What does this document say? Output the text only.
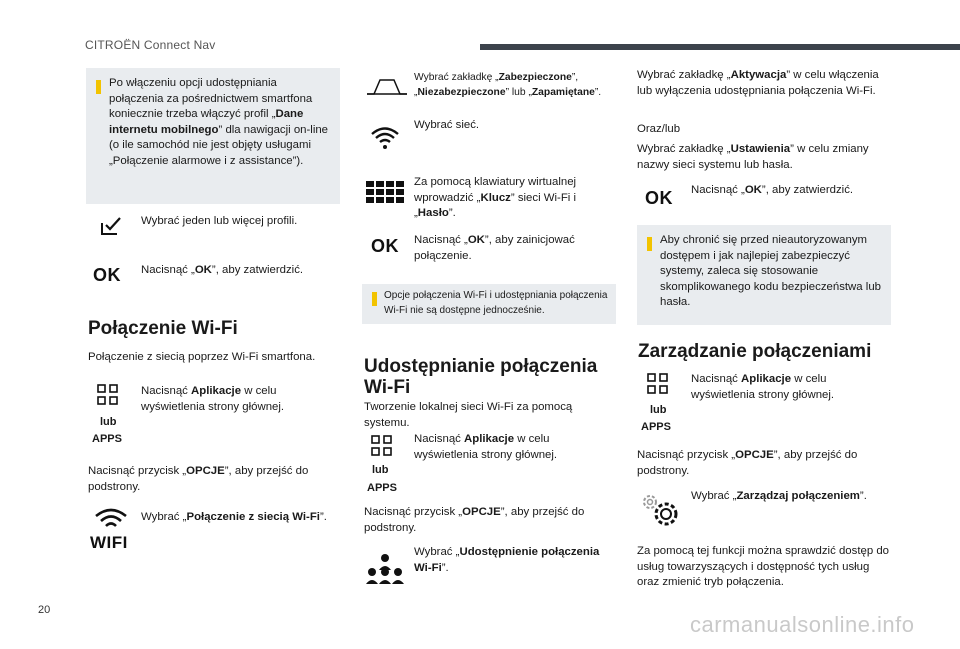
CITROËN Connect Nav
20
carmanualsonline.info
Po włączeniu opcji udostępniania połączenia za pośrednictwem smartfona koniecznie trzeba włączyć profil „Dane internetu mobilnego” dla nawigacji on-line (o ile samochód nie jest objęty usługami „Połączenie alarmowe i z assistance”).
Wybrać jeden lub więcej profili.
OK Nacisnąć „OK”, aby zatwierdzić.
Połączenie Wi-Fi
Połączenie z siecią poprzez Wi-Fi smartfona.
lub
APPS
Nacisnąć Aplikacje w celu wyświetlenia strony głównej.
Nacisnąć przycisk „OPCJE”, aby przejść do podstrony.
WIFI
Wybrać „Połączenie z siecią Wi-Fi”.
Wybrać zakładkę „Zabezpieczone”, „Niezabezpieczone” lub „Zapamiętane”.
Wybrać sieć.
Za pomocą klawiatury wirtualnej wprowadzić „Klucz” sieci Wi-Fi i „Hasło”.
OK Nacisnąć „OK”, aby zainicjować połączenie.
Opcje połączenia Wi-Fi i udostępniania połączenia Wi-Fi nie są dostępne jednocześnie.
Udostępnianie połączenia Wi-Fi
Tworzenie lokalnej sieci Wi-Fi za pomocą systemu.
lub
APPS
Nacisnąć Aplikacje w celu wyświetlenia strony głównej.
Nacisnąć przycisk „OPCJE”, aby przejść do podstrony.
Wybrać „Udostępnienie połączenia Wi-Fi”.
Wybrać zakładkę „Aktywacja” w celu włączenia lub wyłączenia udostępniania połączenia Wi-Fi.
Oraz/lub
Wybrać zakładkę „Ustawienia” w celu zmiany nazwy sieci systemu lub hasła.
OK Nacisnąć „OK”, aby zatwierdzić.
Aby chronić się przed nieautoryzowanym dostępem i jak najlepiej zabezpieczyć systemy, zaleca się stosowanie skomplikowanego kodu bezpieczeństwa lub hasła.
Zarządzanie połączeniami
lub
APPS
Nacisnąć Aplikacje w celu wyświetlenia strony głównej.
Nacisnąć przycisk „OPCJE”, aby przejść do podstrony.
Wybrać „Zarządzaj połączeniem”.
Za pomocą tej funkcji można sprawdzić dostęp do usług towarzyszących i dostępność tych usług oraz zmienić tryb połączenia.
